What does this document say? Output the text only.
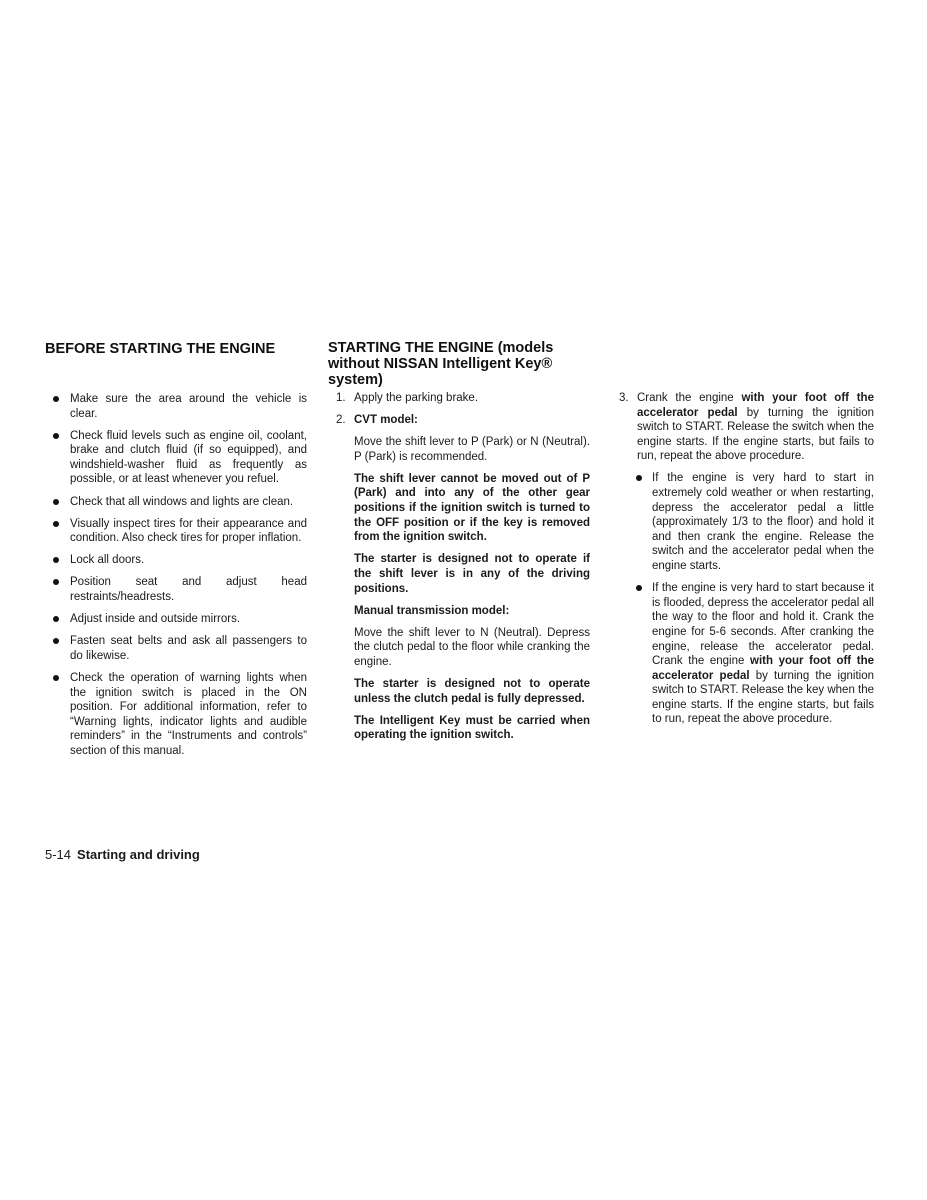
BEFORE STARTING THE ENGINE
Make sure the area around the vehicle is clear.
Check fluid levels such as engine oil, coolant, brake and clutch fluid (if so equipped), and windshield-washer fluid as frequently as possible, or at least whenever you refuel.
Check that all windows and lights are clean.
Visually inspect tires for their appearance and condition. Also check tires for proper inflation.
Lock all doors.
Position seat and adjust head restraints/headrests.
Adjust inside and outside mirrors.
Fasten seat belts and ask all passengers to do likewise.
Check the operation of warning lights when the ignition switch is placed in the ON position. For additional information, refer to “Warning lights, indicator lights and audible reminders” in the “Instruments and controls” section of this manual.
STARTING THE ENGINE (models without NISSAN Intelligent Key® system)
1. Apply the parking brake.
2. CVT model:

Move the shift lever to P (Park) or N (Neutral). P (Park) is recommended.

The shift lever cannot be moved out of P (Park) and into any of the other gear positions if the ignition switch is turned to the OFF position or if the key is removed from the ignition switch.

The starter is designed not to operate if the shift lever is in any of the driving positions.

Manual transmission model:

Move the shift lever to N (Neutral). Depress the clutch pedal to the floor while cranking the engine.

The starter is designed not to operate unless the clutch pedal is fully depressed.

The Intelligent Key must be carried when operating the ignition switch.

3. Crank the engine with your foot off the accelerator pedal by turning the ignition switch to START. Release the switch when the engine starts. If the engine starts, but fails to run, repeat the above procedure.
If the engine is very hard to start in extremely cold weather or when restarting, depress the accelerator pedal a little (approximately 1/3 to the floor) and hold it and then crank the engine. Release the switch and the accelerator pedal when the engine starts.
If the engine is very hard to start because it is flooded, depress the accelerator pedal all the way to the floor and hold it. Crank the engine for 5-6 seconds. After cranking the engine, release the accelerator pedal. Crank the engine with your foot off the accelerator pedal by turning the ignition switch to START. Release the key when the engine starts. If the engine starts, but fails to run, repeat the above procedure.
5-14 Starting and driving
